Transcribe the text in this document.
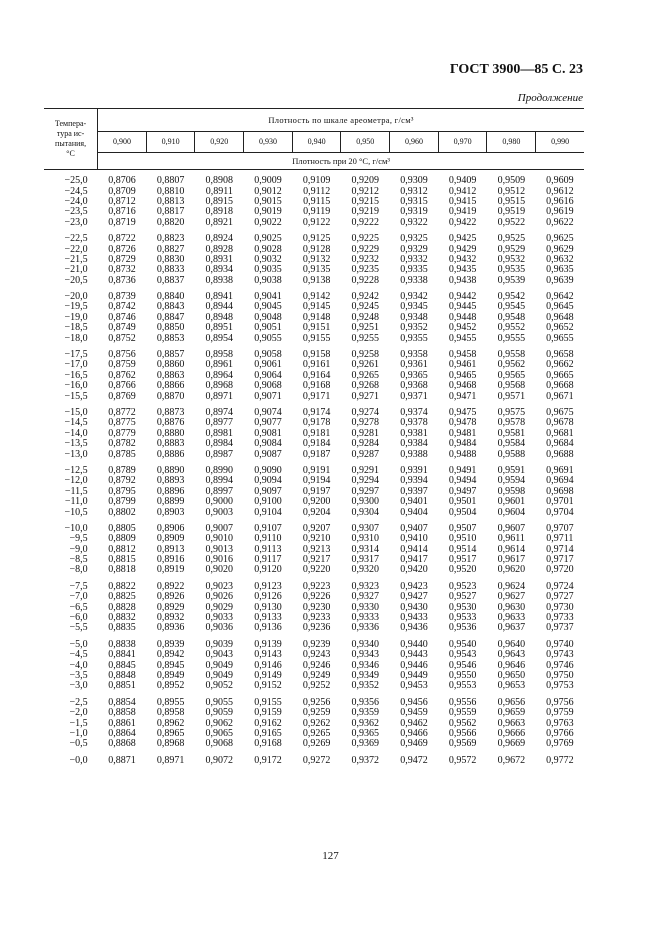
ГОСТ 3900—85 С. 23
Продолжение
Темпера-
тура ис-
пытания,
°С	Плотность по шкале ареометра, г/см³									
	0,900	0,910	0,920	0,930	0,940	0,950	0,960	0,970	0,980	0,990
	Плотность при 20 °С, г/см³									

−25,0	0,8706	0,8807	0,8908	0,9009	0,9109	0,9209	0,9309	0,9409	0,9509	0,9609
−24,5	0,8709	0,8810	0,8911	0,9012	0,9112	0,9212	0,9312	0,9412	0,9512	0,9612
−24,0	0,8712	0,8813	0,8915	0,9015	0,9115	0,9215	0,9315	0,9415	0,9515	0,9616
−23,5	0,8716	0,8817	0,8918	0,9019	0,9119	0,9219	0,9319	0,9419	0,9519	0,9619
−23,0	0,8719	0,8820	0,8921	0,9022	0,9122	0,9222	0,9322	0,9422	0,9522	0,9622

−22,5	0,8722	0,8823	0,8924	0,9025	0,9125	0,9225	0,9325	0,9425	0,9525	0,9625
−22,0	0,8726	0,8827	0,8928	0,9028	0,9128	0,9229	0,9329	0,9429	0,9529	0,9629
−21,5	0,8729	0,8830	0,8931	0,9032	0,9132	0,9232	0,9332	0,9432	0,9532	0,9632
−21,0	0,8732	0,8833	0,8934	0,9035	0,9135	0,9235	0,9335	0,9435	0,9535	0,9635
−20,5	0,8736	0,8837	0,8938	0,9038	0,9138	0,9228	0,9338	0,9438	0,9539	0,9639

−20,0	0,8739	0,8840	0,8941	0,9041	0,9142	0,9242	0,9342	0,9442	0,9542	0,9642
−19,5	0,8742	0,8843	0,8944	0,9045	0,9145	0,9245	0,9345	0,9445	0,9545	0,9645
−19,0	0,8746	0,8847	0,8948	0,9048	0,9148	0,9248	0,9348	0,9448	0,9548	0,9648
−18,5	0,8749	0,8850	0,8951	0,9051	0,9151	0,9251	0,9352	0,9452	0,9552	0,9652
−18,0	0,8752	0,8853	0,8954	0,9055	0,9155	0,9255	0,9355	0,9455	0,9555	0,9655

−17,5	0,8756	0,8857	0,8958	0,9058	0,9158	0,9258	0,9358	0,9458	0,9558	0,9658
−17,0	0,8759	0,8860	0,8961	0,9061	0,9161	0,9261	0,9361	0,9461	0,9562	0,9662
−16,5	0,8762	0,8863	0,8964	0,9064	0,9164	0,9265	0,9365	0,9465	0,9565	0,9665
−16,0	0,8766	0,8866	0,8968	0,9068	0,9168	0,9268	0,9368	0,9468	0,9568	0,9668
−15,5	0,8769	0,8870	0,8971	0,9071	0,9171	0,9271	0,9371	0,9471	0,9571	0,9671

−15,0	0,8772	0,8873	0,8974	0,9074	0,9174	0,9274	0,9374	0,9475	0,9575	0,9675
−14,5	0,8775	0,8876	0,8977	0,9077	0,9178	0,9278	0,9378	0,9478	0,9578	0,9678
−14,0	0,8779	0,8880	0,8981	0,9081	0,9181	0,9281	0,9381	0,9481	0,9581	0,9681
−13,5	0,8782	0,8883	0,8984	0,9084	0,9184	0,9284	0,9384	0,9484	0,9584	0,9684
−13,0	0,8785	0,8886	0,8987	0,9087	0,9187	0,9287	0,9388	0,9488	0,9588	0,9688

−12,5	0,8789	0,8890	0,8990	0,9090	0,9191	0,9291	0,9391	0,9491	0,9591	0,9691
−12,0	0,8792	0,8893	0,8994	0,9094	0,9194	0,9294	0,9394	0,9494	0,9594	0,9694
−11,5	0,8795	0,8896	0,8997	0,9097	0,9197	0,9297	0,9397	0,9497	0,9598	0,9698
−11,0	0,8799	0,8899	0,9000	0,9100	0,9200	0,9300	0,9401	0,9501	0,9601	0,9701
−10,5	0,8802	0,8903	0,9003	0,9104	0,9204	0,9304	0,9404	0,9504	0,9604	0,9704

−10,0	0,8805	0,8906	0,9007	0,9107	0,9207	0,9307	0,9407	0,9507	0,9607	0,9707
−9,5	0,8809	0,8909	0,9010	0,9110	0,9210	0,9310	0,9410	0,9510	0,9611	0,9711
−9,0	0,8812	0,8913	0,9013	0,9113	0,9213	0,9314	0,9414	0,9514	0,9614	0,9714
−8,5	0,8815	0,8916	0,9016	0,9117	0,9217	0,9317	0,9417	0,9517	0,9617	0,9717
−8,0	0,8818	0,8919	0,9020	0,9120	0,9220	0,9320	0,9420	0,9520	0,9620	0,9720

−7,5	0,8822	0,8922	0,9023	0,9123	0,9223	0,9323	0,9423	0,9523	0,9624	0,9724
−7,0	0,8825	0,8926	0,9026	0,9126	0,9226	0,9327	0,9427	0,9527	0,9627	0,9727
−6,5	0,8828	0,8929	0,9029	0,9130	0,9230	0,9330	0,9430	0,9530	0,9630	0,9730
−6,0	0,8832	0,8932	0,9033	0,9133	0,9233	0,9333	0,9433	0,9533	0,9633	0,9733
−5,5	0,8835	0,8936	0,9036	0,9136	0,9236	0,9336	0,9436	0,9536	0,9637	0,9737

−5,0	0,8838	0,8939	0,9039	0,9139	0,9239	0,9340	0,9440	0,9540	0,9640	0,9740
−4,5	0,8841	0,8942	0,9043	0,9143	0,9243	0,9343	0,9443	0,9543	0,9643	0,9743
−4,0	0,8845	0,8945	0,9049	0,9146	0,9246	0,9346	0,9446	0,9546	0,9646	0,9746
−3,5	0,8848	0,8949	0,9049	0,9149	0,9249	0,9349	0,9449	0,9550	0,9650	0,9750
−3,0	0,8851	0,8952	0,9052	0,9152	0,9252	0,9352	0,9453	0,9553	0,9653	0,9753

−2,5	0,8854	0,8955	0,9055	0,9155	0,9256	0,9356	0,9456	0,9556	0,9656	0,9756
−2,0	0,8858	0,8958	0,9059	0,9159	0,9259	0,9359	0,9459	0,9559	0,9659	0,9759
−1,5	0,8861	0,8962	0,9062	0,9162	0,9262	0,9362	0,9462	0,9562	0,9663	0,9763
−1,0	0,8864	0,8965	0,9065	0,9165	0,9265	0,9365	0,9466	0,9566	0,9666	0,9766
−0,5	0,8868	0,8968	0,9068	0,9168	0,9269	0,9369	0,9469	0,9569	0,9669	0,9769

−0,0	0,8871	0,8971	0,9072	0,9172	0,9272	0,9372	0,9472	0,9572	0,9672	0,9772
127
